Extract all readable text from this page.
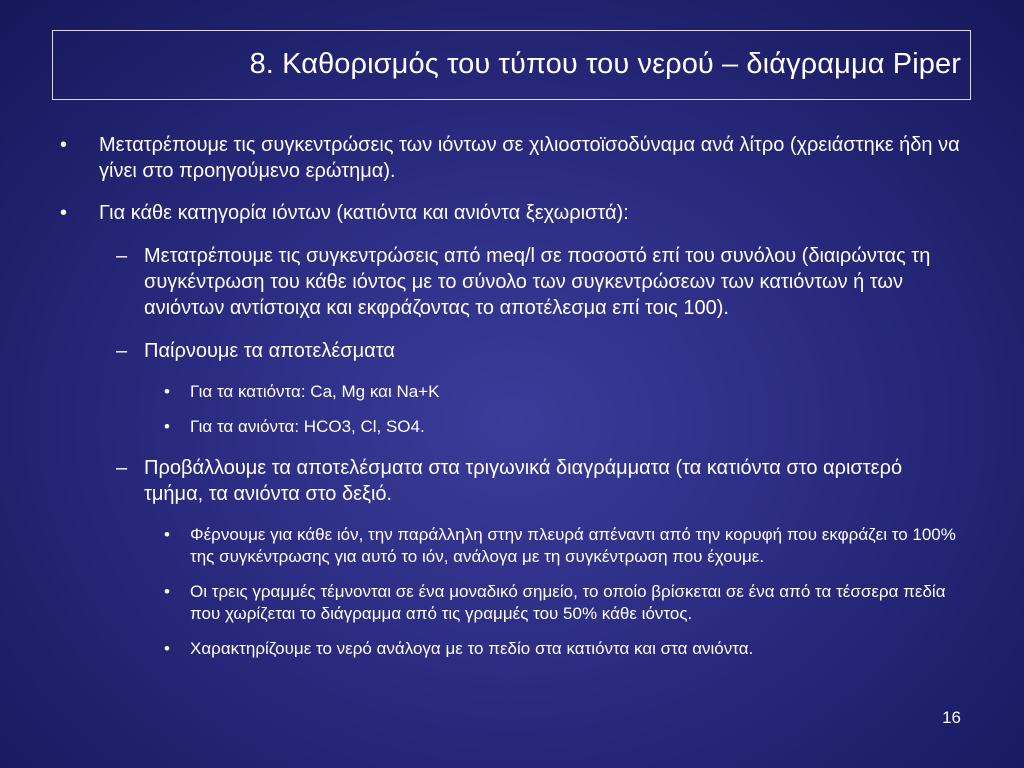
8. Καθορισμός του τύπου του νερού – διάγραμμα Piper

• Μετατρέπουμε τις συγκεντρώσεις των ιόντων σε χιλιοστοϊσοδύναμα ανά λίτρο (χρειάστηκε ήδη να γίνει στο προηγούμενο ερώτημα).

• Για κάθε κατηγορία ιόντων (κατιόντα και ανιόντα ξεχωριστά):

– Μετατρέπουμε τις συγκεντρώσεις από meq/l σε ποσοστό επί του συνόλου (διαιρώντας τη συγκέντρωση του κάθε ιόντος με το σύνολο των συγκεντρώσεων των κατιόντων ή των ανιόντων αντίστοιχα και εκφράζοντας το αποτέλεσμα επί τοις 100).

– Παίρνουμε τα αποτελέσματα

• Για τα κατιόντα: Ca, Mg και Na+K

• Για τα ανιόντα: HCO3, Cl, SO4.

– Προβάλλουμε τα αποτελέσματα στα τριγωνικά διαγράμματα (τα κατιόντα στο αριστερό τμήμα, τα ανιόντα στο δεξιό.

• Φέρνουμε για κάθε ιόν, την παράλληλη στην πλευρά απέναντι από την κορυφή που εκφράζει το 100% της συγκέντρωσης για αυτό το ιόν, ανάλογα με τη συγκέντρωση που έχουμε.

• Οι τρεις γραμμές τέμνονται σε ένα μοναδικό σημείο, το οποίο βρίσκεται σε ένα από τα τέσσερα πεδία που χωρίζεται το διάγραμμα από τις γραμμές του 50% κάθε ιόντος.

• Χαρακτηρίζουμε το νερό ανάλογα με το πεδίο στα κατιόντα και στα ανιόντα.

16
